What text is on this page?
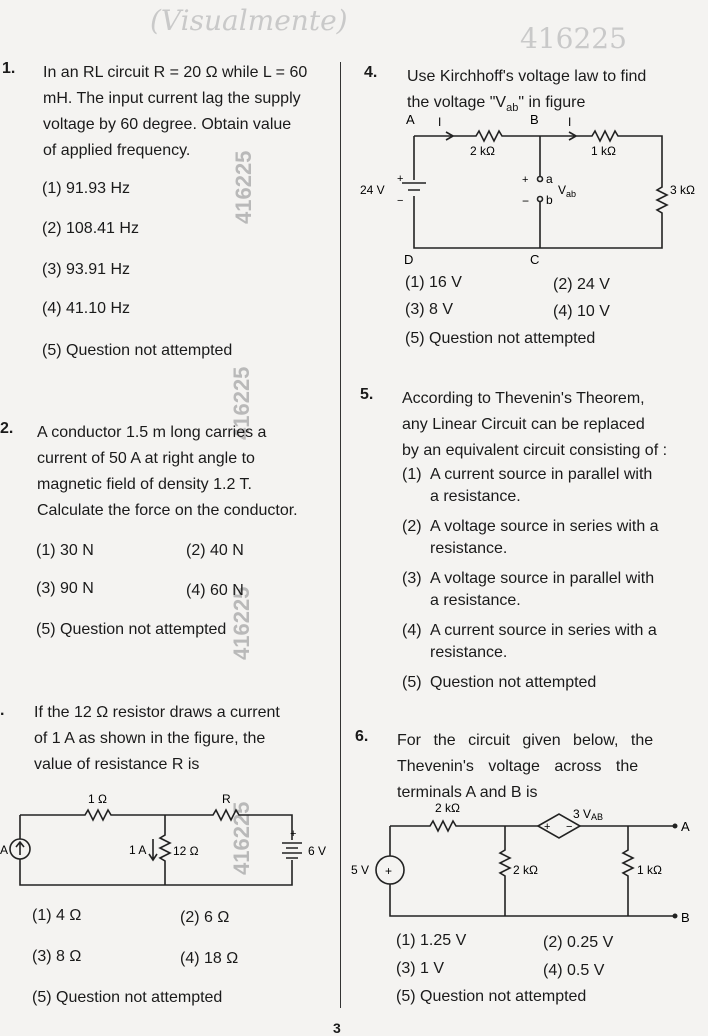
(Visualmente)
416225
416225
416225
416225
416225
1. In an RL circuit R = 20 Ω while L = 60
mH. The input current lag the supply
voltage by 60 degree. Obtain value
of applied frequency.
(1) 91.93 Hz
(2) 108.41 Hz
(3) 93.91 Hz
(4) 41.10 Hz
(5) Question not attempted
2. A conductor 1.5 m long carries a
current of 50 A at right angle to
magnetic field of density 1.2 T.
Calculate the force on the conductor.
(1) 30 N	(2) 40 N
(3) 90 N	(4) 60 N
(5) Question not attempted
. If the 12 Ω resistor draws a current
of 1 A as shown in the figure, the
value of resistance R is
1 Ω	R
A	1 A 12 Ω	6 V
+
(1) 4 Ω	(2) 6 Ω
(3) 8 Ω	(4) 18 Ω
(5) Question not attempted
4. Use Kirchhoff's voltage law to find
the voltage "$V_{ab}$" in figure
A	B
C
D
I	I
2 kΩ	1 kΩ
3 kΩ
24 V
+
−
+ a
− b
$V_{ab}$
(1) 16 V	(2) 24 V
(3) 8 V	(4) 10 V
(5) Question not attempted
5. According to Thevenin's Theorem,
any Linear Circuit can be replaced
by an equivalent circuit consisting of :
(1) A current source in parallel with
a resistance.
(2) A voltage source in series with a
resistance.
(3) A voltage source in parallel with
a resistance.
(4) A current source in series with a
resistance.
(5) Question not attempted
6. For the circuit given below, the
Thevenin's voltage across the
terminals A and B is
2 kΩ	3 VAB
+ −	A
B
5 V +	2 kΩ	1 kΩ
(1) 1.25 V	(2) 0.25 V
(3) 1 V	(4) 0.5 V
(5) Question not attempted
3
